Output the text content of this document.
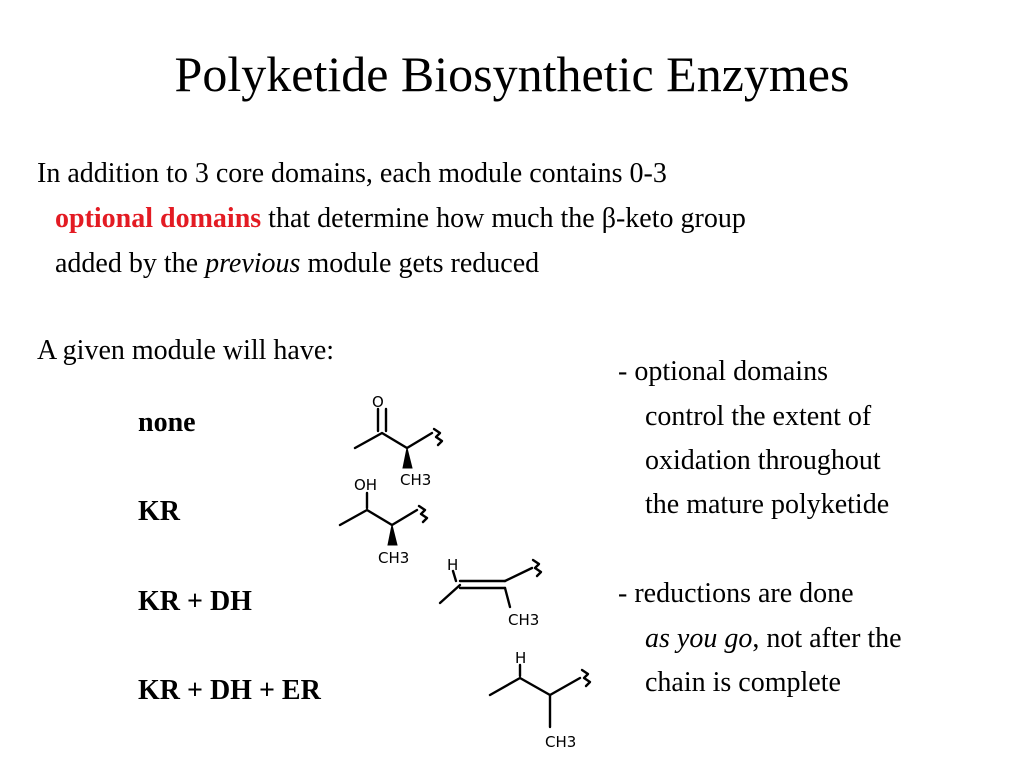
Polyketide Biosynthetic Enzymes
In addition to 3 core domains, each module contains 0-3
optional domains that determine how much the β-keto group
added by the previous module gets reduced
A given module will have:
none
KR
KR + DH
KR + DH + ER
O
CH3
OH
CH3	H
CH3
H
CH3
- optional domains
control the extent of
oxidation throughout
the mature polyketide
- reductions are done
as you go, not after the
chain is complete
